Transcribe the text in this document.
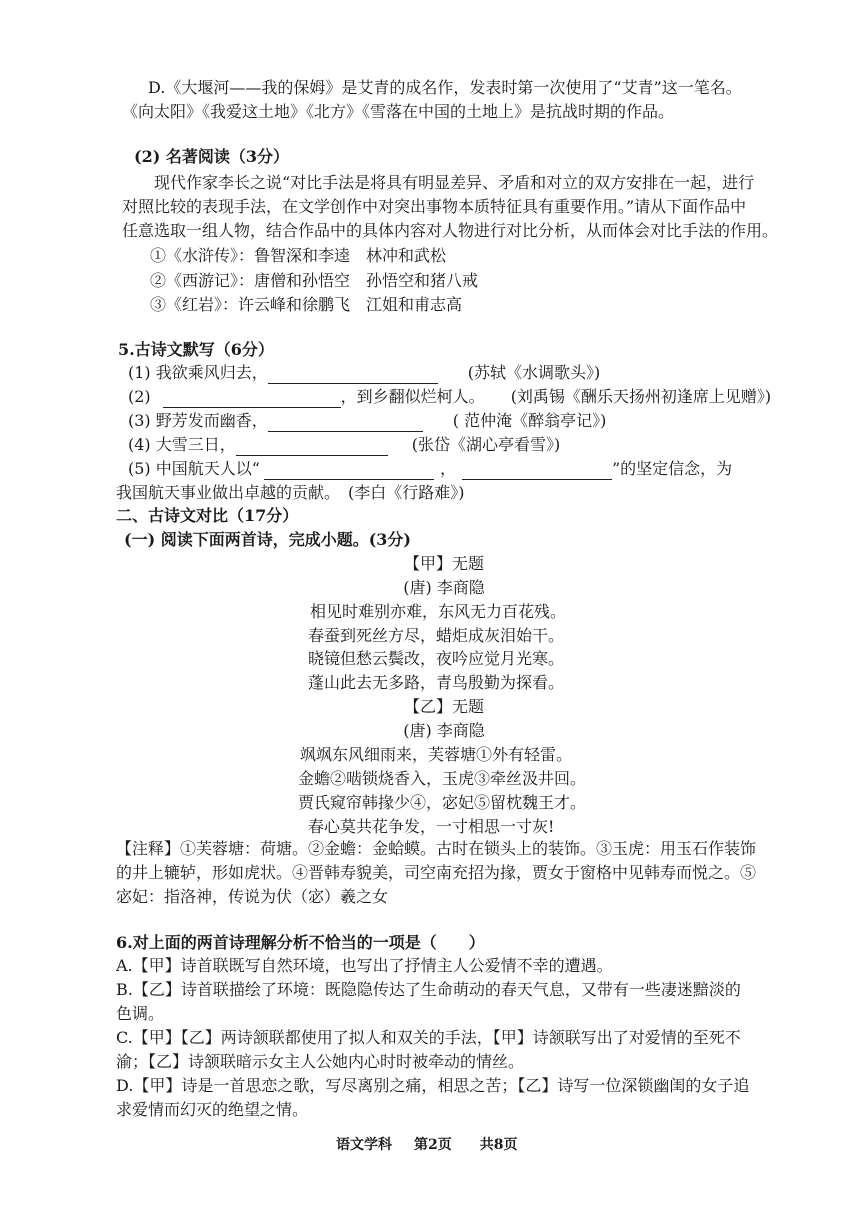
D.《大堰河——我的保姆》是艾青的成名作，发表时第一次使用了“艾青”这一笔名。
《向太阳》《我爱这土地》《北方》《雪落在中国的土地上》是抗战时期的作品。
(2) 名著阅读（3分）
现代作家李长之说“对比手法是将具有明显差异、矛盾和对立的双方安排在一起，进行
对照比较的表现手法，在文学创作中对突出事物本质特征具有重要作用。”请从下面作品中
任意选取一组人物，结合作品中的具体内容对人物进行对比分析，从而体会对比手法的作用。
①《水浒传》：鲁智深和李逵　林冲和武松
②《西游记》：唐僧和孙悟空　孙悟空和猪八戒
③《红岩》：许云峰和徐鹏飞　江姐和甫志高
5.古诗文默写（6分）
(1) 我欲乘风归去，	(苏轼《水调歌头》)
(2)	，到乡翻似烂柯人。 (刘禹锡《酬乐天扬州初逢席上见赠》)
(3) 野芳发而幽香，	( 范仲淹《醉翁亭记》)
(4) 大雪三日，	(张岱《湖心亭看雪》)
(5) 中国航天人以“	，	”的坚定信念，为
我国航天事业做出卓越的贡献。　(李白《行路难》)
二、古诗文对比（17分）
(一) 阅读下面两首诗，完成小题。(3分)
【甲】无题
(唐) 李商隐
相见时难别亦难，东风无力百花残。
春蚕到死丝方尽，蜡炬成灰泪始干。
晓镜但愁云鬓改，夜吟应觉月光寒。
蓬山此去无多路，青鸟殷勤为探看。
【乙】无题
(唐) 李商隐
飒飒东风细雨来，芙蓉塘①外有轻雷。
金蟾②啮锁烧香入，玉虎③牵丝汲井回。
贾氏窥帘韩掾少④，宓妃⑤留枕魏王才。
春心莫共花争发，一寸相思一寸灰!
【注释】①芙蓉塘：荷塘。②金蟾：金蛤蟆。古时在锁头上的装饰。③玉虎：用玉石作装饰
的井上辘轳，形如虎状。④晋韩寿貌美，司空南充招为掾，贾女于窗格中见韩寿而悦之。⑤
宓妃：指洛神，传说为伏（宓）羲之女
6.对上面的两首诗理解分析不恰当的一项是（　　）
A.【甲】诗首联既写自然环境，也写出了抒情主人公爱情不幸的遭遇。
B.【乙】诗首联描绘了环境：既隐隐传达了生命萌动的春天气息，又带有一些凄迷黯淡的
色调。
C.【甲】【乙】两诗颔联都使用了拟人和双关的手法，【甲】诗颔联写出了对爱情的至死不
渝；【乙】诗颔联暗示女主人公她内心时时被牵动的情丝。
D.【甲】诗是一首思恋之歌，写尽离别之痛，相思之苦；【乙】诗写一位深锁幽闺的女子追
求爱情而幻灭的绝望之情。
语文学科 第2页 共8页
